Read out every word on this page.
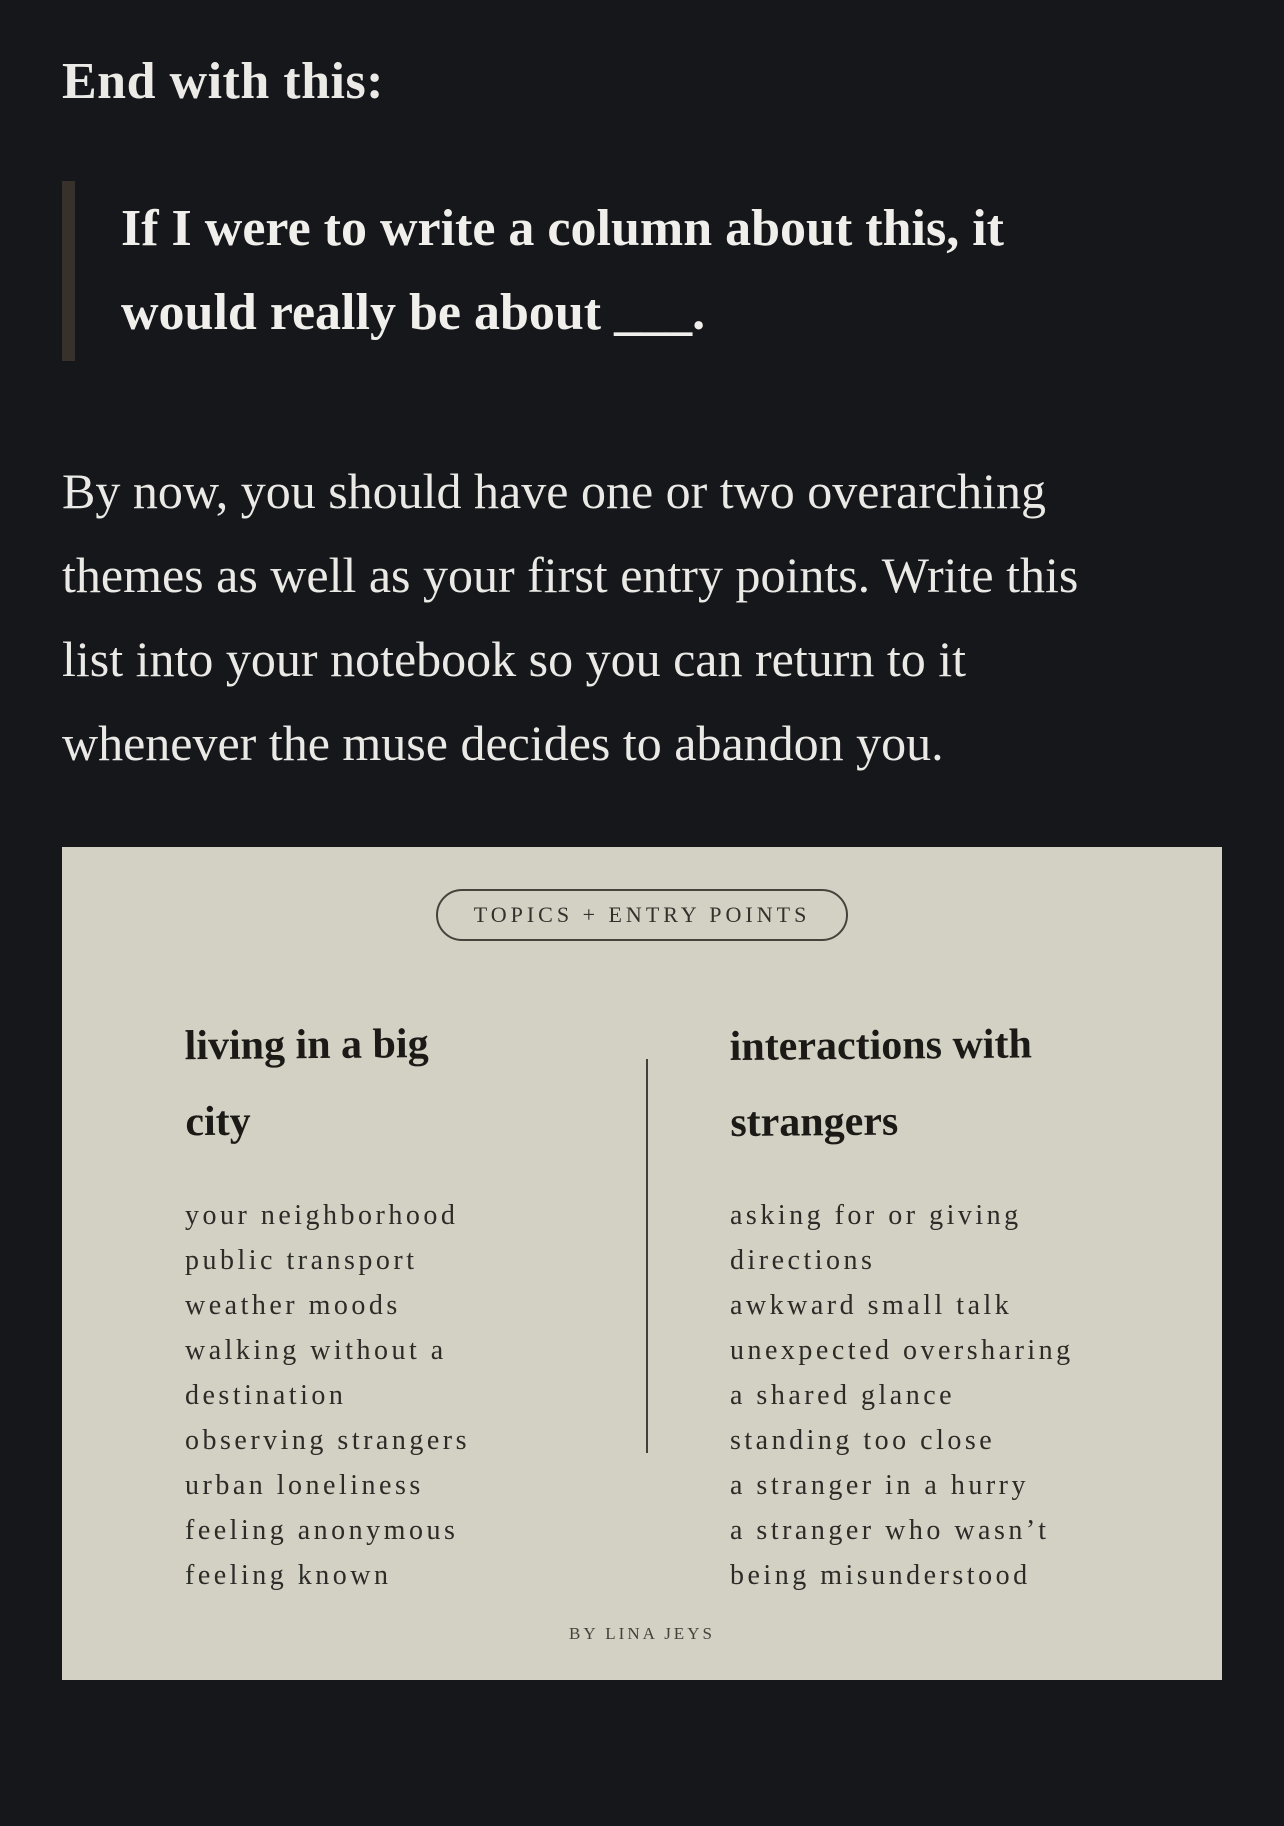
End with this:
If I were to write a column about this, it would really be about ___.

By now, you should have one or two overarching themes as well as your first entry points. Write this list into your notebook so you can return to it whenever the muse decides to abandon you.

TOPICS + ENTRY POINTS
living in a big city
your neighborhood
public transport
weather moods
walking without a destination
observing strangers
urban loneliness
feeling anonymous
feeling known
interactions with strangers
asking for or giving directions
awkward small talk
unexpected oversharing
a shared glance
standing too close
a stranger in a hurry
a stranger who wasn’t
being misunderstood
BY LINA JEYS
